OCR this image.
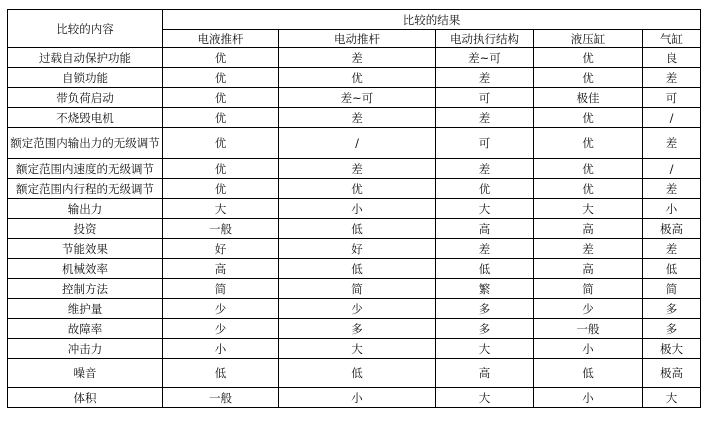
比较的内容	比较的结果				
	电液推杆	电动推杆	电动执行结构	液压缸	气缸
过载自动保护功能	优	差	差~可	优	良
自锁功能	优	优	差	优	差
带负荷启动	优	差~可	可	极佳	可
不烧毁电机	优	差	差	优	/
额定范围内输出力的无级调节	优	/	可	优	差
额定范围内速度的无级调节	优	差	差	优	/
额定范围内行程的无级调节	优	优	优	优	差
输出力	大	小	大	大	小
投资	一般	低	高	高	极高
节能效果	好	好	差	差	差
机械效率	高	低	低	高	低
控制方法	简	简	繁	简	简
维护量	少	少	多	少	多
故障率	少	多	多	一般	多
冲击力	小	大	大	小	极大
噪音	低	低	高	低	极高
体积	一般	小	大	小	大
